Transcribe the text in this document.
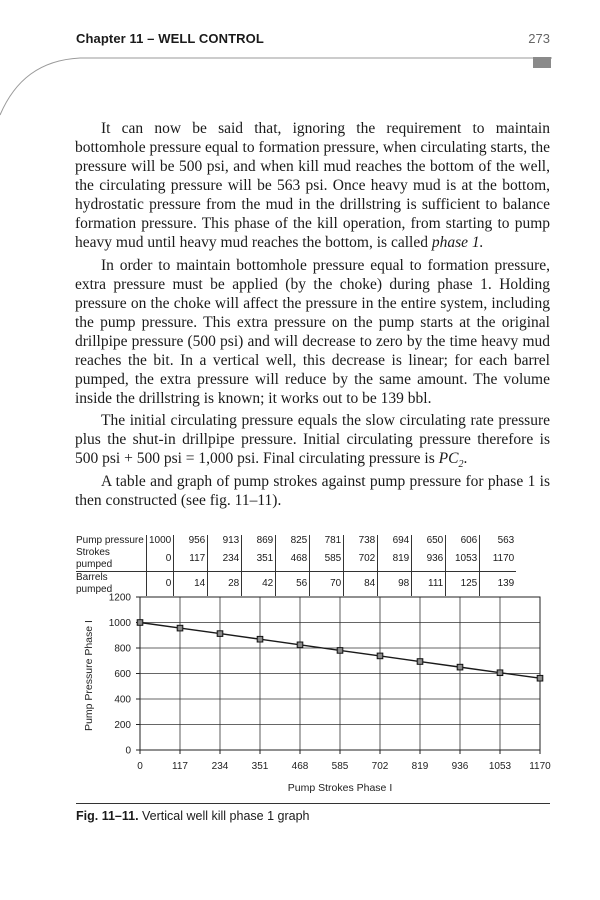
Chapter 11 – WELL CONTROL	273

It can now be said that, ignoring the requirement to maintain bottomhole pressure equal to formation pressure, when circulating starts, the pressure will be 500 psi, and when kill mud reaches the bottom of the well, the circulating pressure will be 563 psi. Once heavy mud is at the bottom, hydrostatic pressure from the mud in the drillstring is sufficient to balance formation pressure. This phase of the kill operation, from starting to pump heavy mud until heavy mud reaches the bottom, is called phase 1.

In order to maintain bottomhole pressure equal to formation pressure, extra pressure must be applied (by the choke) during phase 1. Holding pressure on the choke will affect the pressure in the entire system, including the pump pressure. This extra pressure on the pump starts at the original drillpipe pressure (500 psi) and will decrease to zero by the time heavy mud reaches the bit. In a vertical well, this decrease is linear; for each barrel pumped, the extra pressure will reduce by the same amount. The volume inside the drillstring is known; it works out to be 139 bbl.

The initial circulating pressure equals the slow circulating rate pressure plus the shut-in drillpipe pressure. Initial circulating pressure therefore is 500 psi + 500 psi = 1,000 psi. Final circulating pressure is $PC_2$.

A table and graph of pump strokes against pump pressure for phase 1 is then constructed (see fig. 11–11).

Pump pressure		1000	956	913	869	825	781	738	694	650	606	563
Strokes pumped		0	117	234	351	468	585	702	819	936	1053	1170
Barrels pumped		0	14	28	42	56	70	84	98	111	125	139
0	117 234 351 468 585 702 819 936 1053 1170
0
200
400
600
800
1000
1200
Pump Strokes Phase I
Pump Pressure Phase I
Fig. 11–11. Vertical well kill phase 1 graph
